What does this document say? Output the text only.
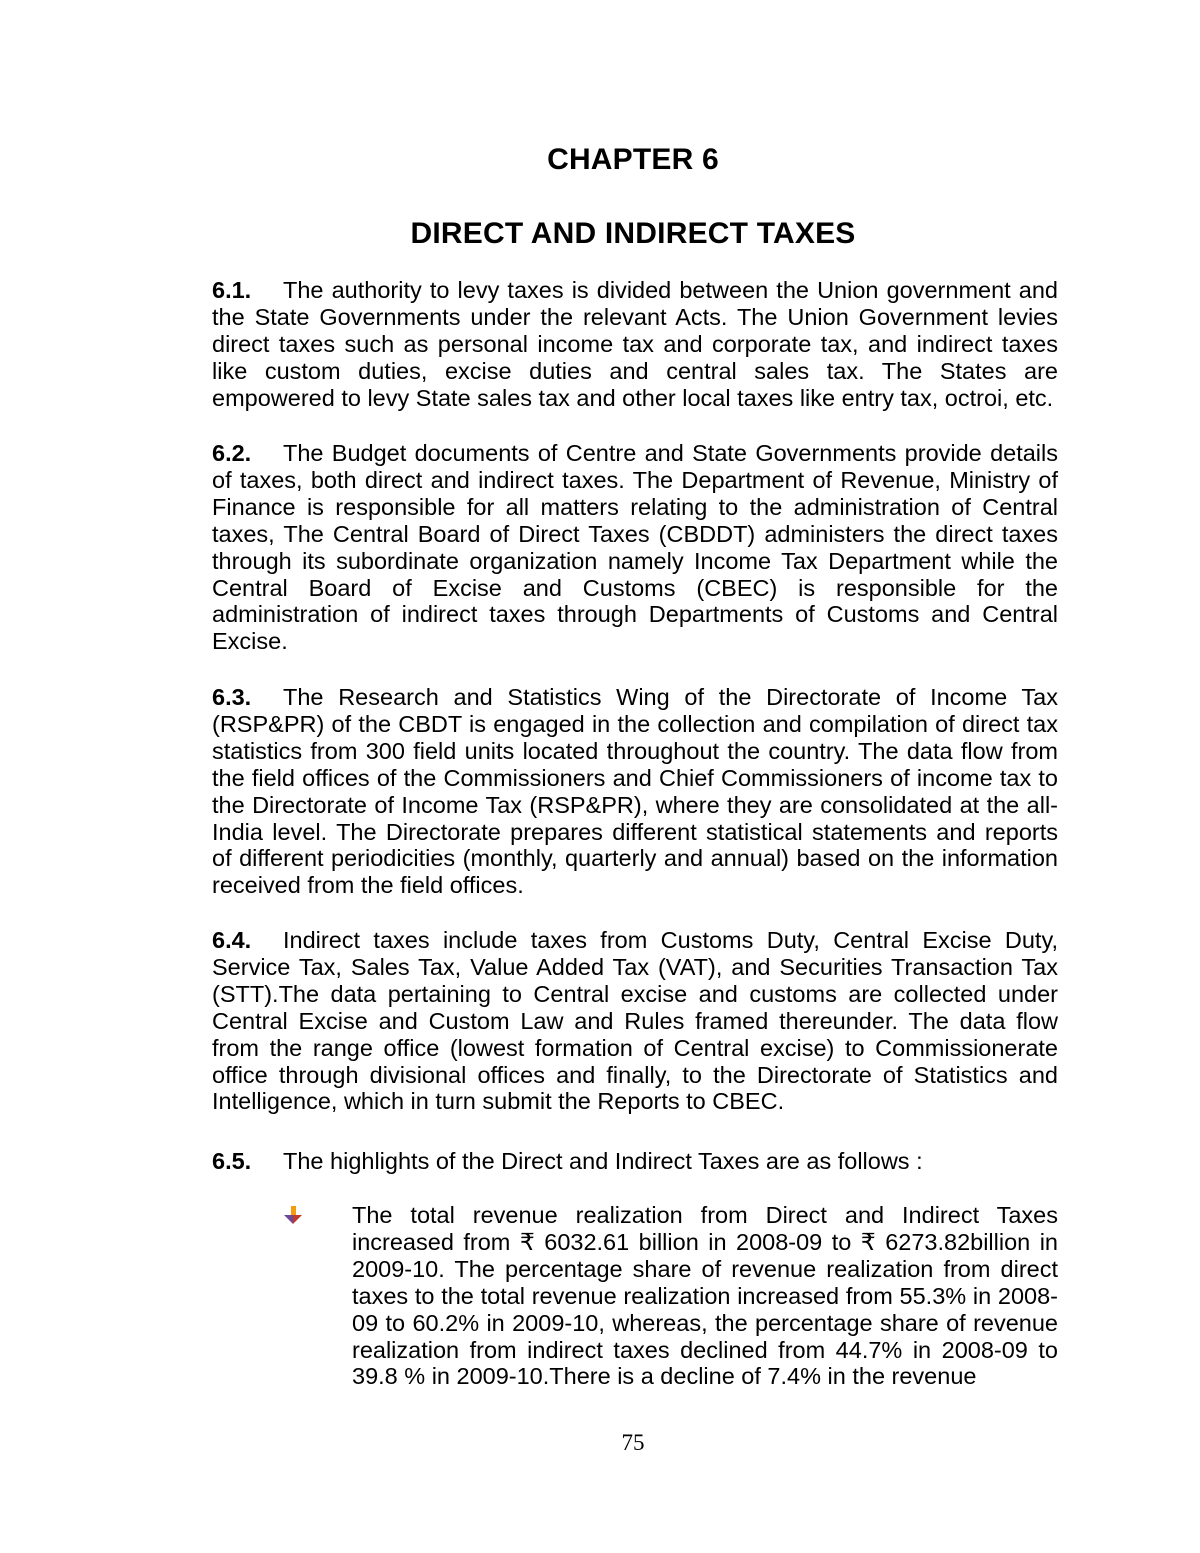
CHAPTER 6
DIRECT AND INDIRECT TAXES
6.1. The authority to levy taxes is divided between the Union government and the State Governments under the relevant Acts. The Union Government levies direct taxes such as personal income tax and corporate tax, and indirect taxes like custom duties, excise duties and central sales tax. The States are empowered to levy State sales tax and other local taxes like entry tax, octroi, etc.
6.2. The Budget documents of Centre and State Governments provide details of taxes, both direct and indirect taxes. The Department of Revenue, Ministry of Finance is responsible for all matters relating to the administration of Central taxes, The Central Board of Direct Taxes (CBDDT) administers the direct taxes through its subordinate organization namely Income Tax Department while the Central Board of Excise and Customs (CBEC) is responsible for the administration of indirect taxes through Departments of Customs and Central Excise.
6.3. The Research and Statistics Wing of the Directorate of Income Tax (RSP&PR) of the CBDT is engaged in the collection and compilation of direct tax statistics from 300 field units located throughout the country. The data flow from the field offices of the Commissioners and Chief Commissioners of income tax to the Directorate of Income Tax (RSP&PR), where they are consolidated at the all-India level. The Directorate prepares different statistical statements and reports of different periodicities (monthly, quarterly and annual) based on the information received from the field offices.
6.4. Indirect taxes include taxes from Customs Duty, Central Excise Duty, Service Tax, Sales Tax, Value Added Tax (VAT), and Securities Transaction Tax (STT).The data pertaining to Central excise and customs are collected under Central Excise and Custom Law and Rules framed thereunder. The data flow from the range office (lowest formation of Central excise) to Commissionerate office through divisional offices and finally, to the Directorate of Statistics and Intelligence, which in turn submit the Reports to CBEC.
6.5. The highlights of the Direct and Indirect Taxes are as follows :
The total revenue realization from Direct and Indirect Taxes increased from ₹ 6032.61 billion in 2008-09 to ₹ 6273.82billion in 2009-10. The percentage share of revenue realization from direct taxes to the total revenue realization increased from 55.3% in 2008-09 to 60.2% in 2009-10, whereas, the percentage share of revenue realization from indirect taxes declined from 44.7% in 2008-09 to 39.8 % in 2009-10.There is a decline of 7.4% in the revenue
75
